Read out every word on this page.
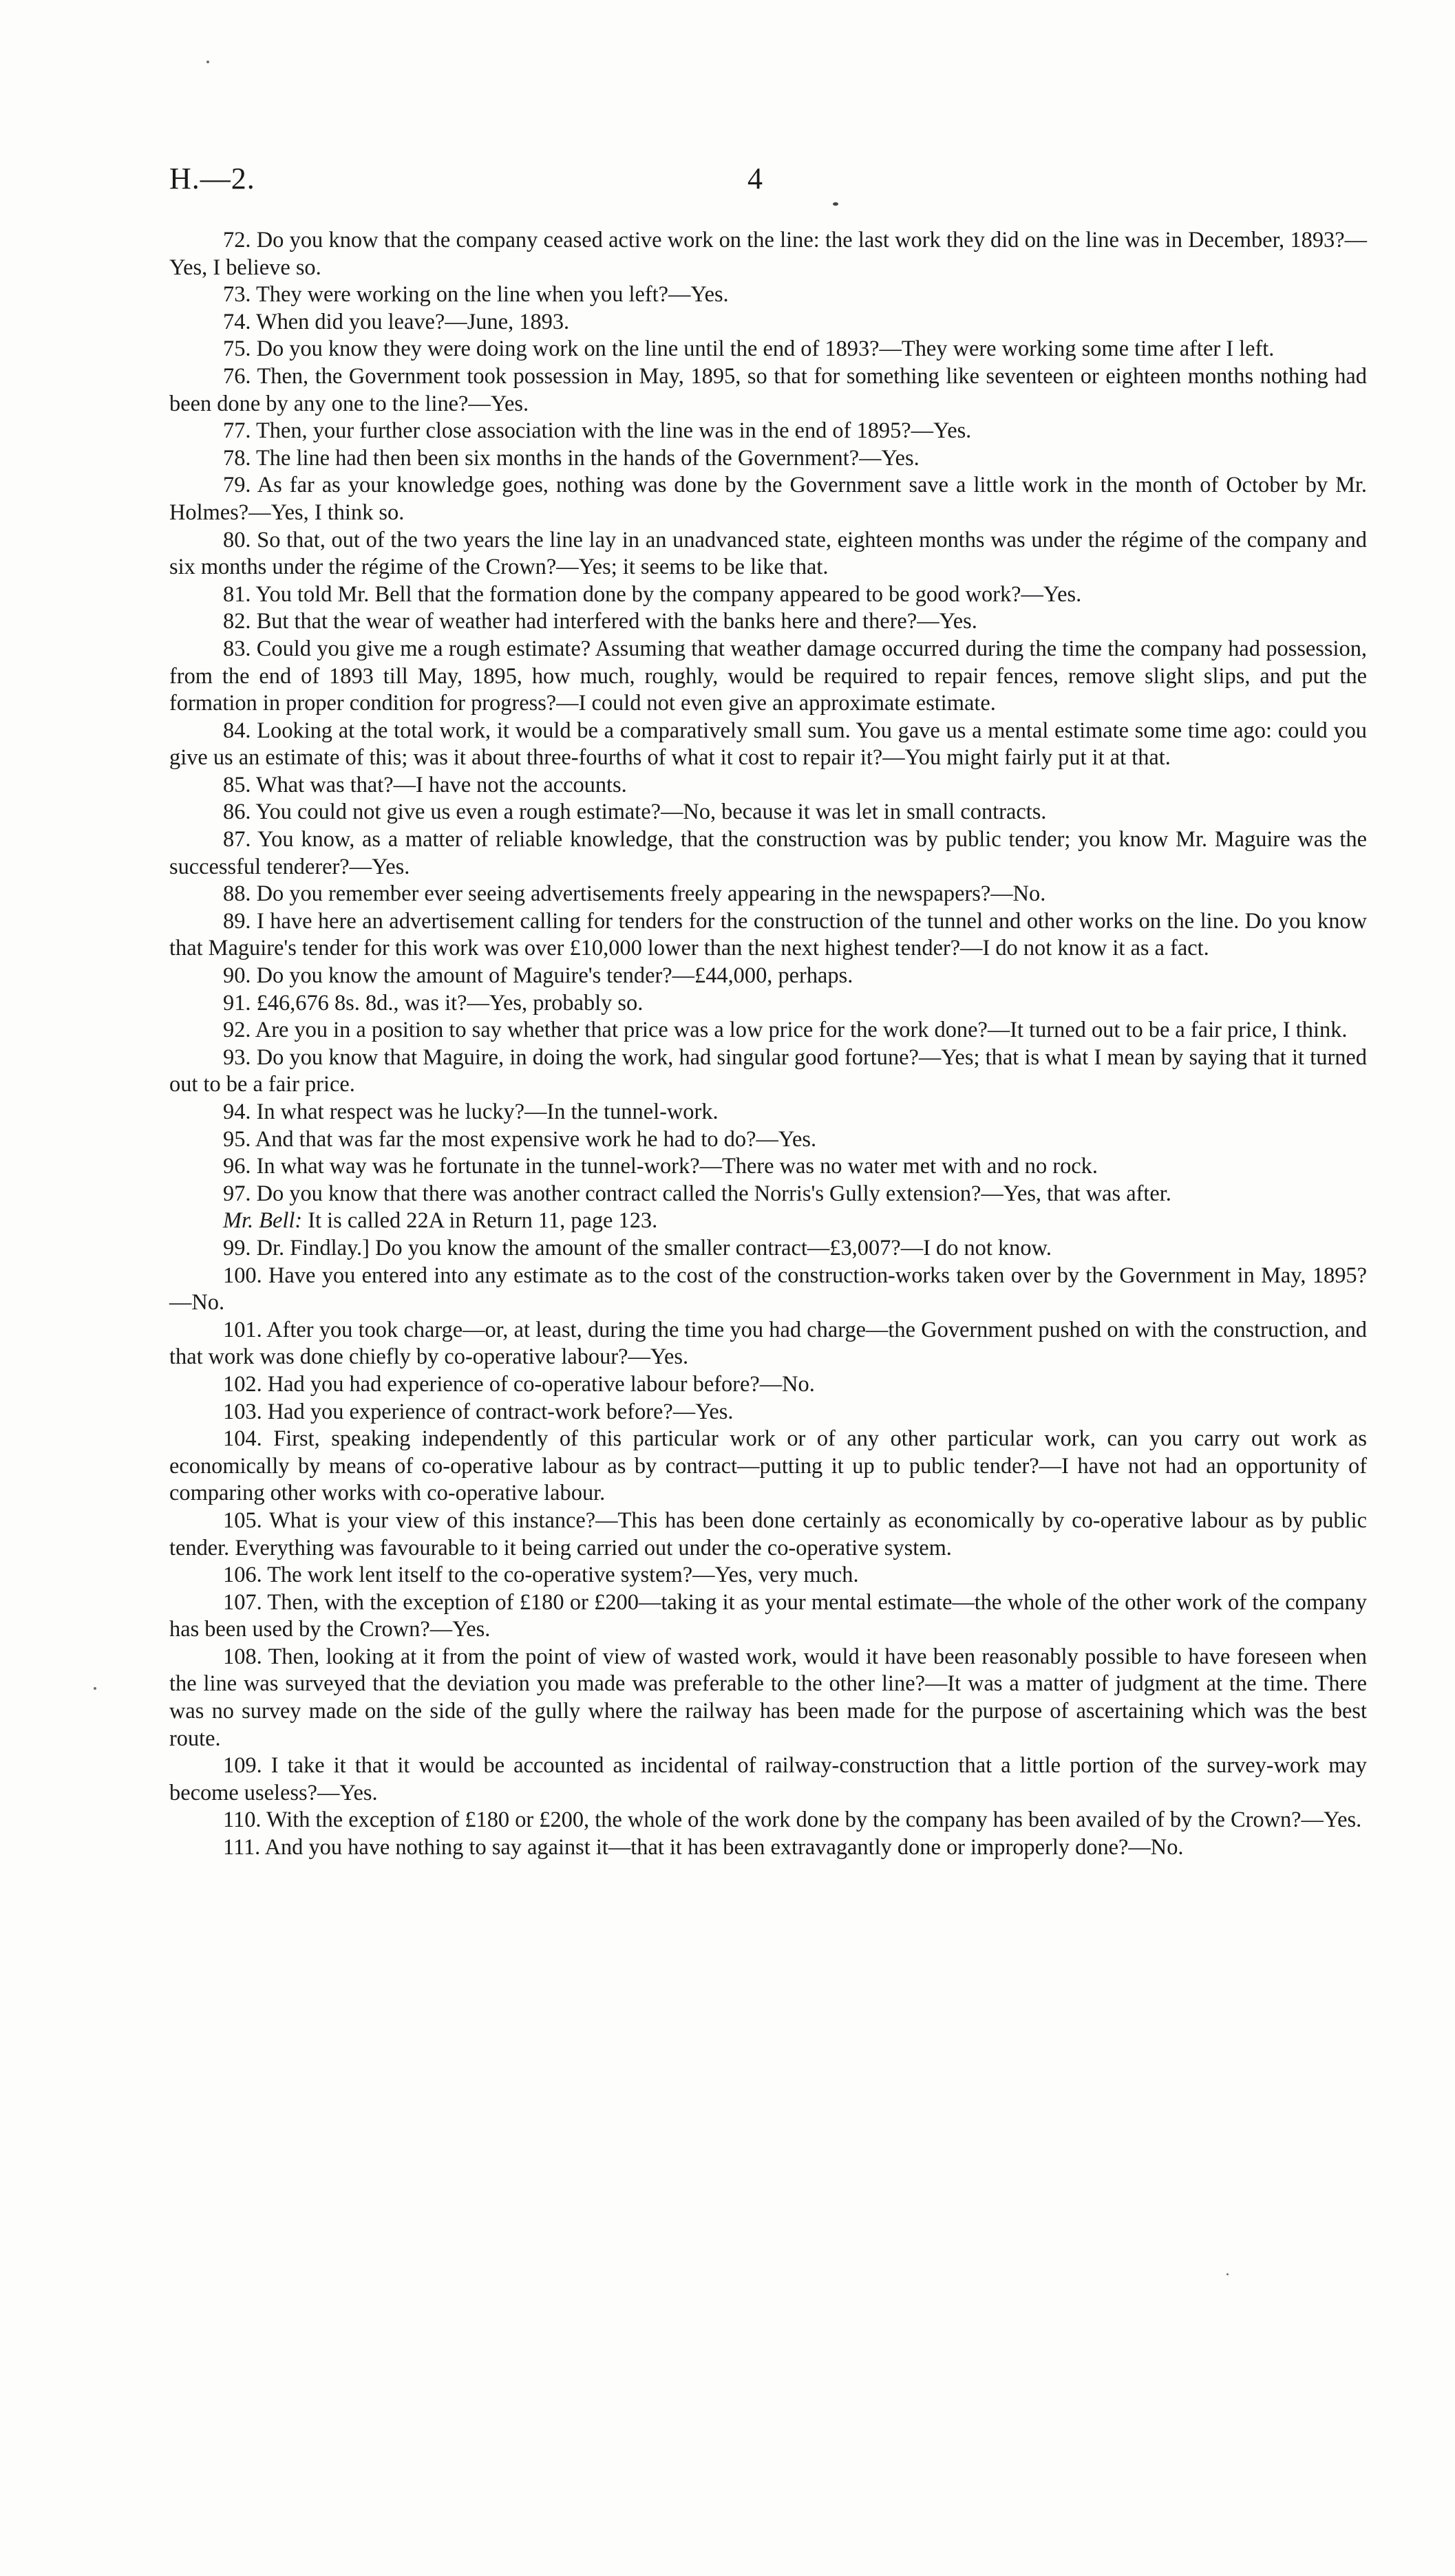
H.—2.	4

72. Do you know that the company ceased active work on the line: the last work they did on the line was in December, 1893?—Yes, I believe so.

73. They were working on the line when you left?—Yes.

74. When did you leave?—June, 1893.

75. Do you know they were doing work on the line until the end of 1893?—They were working some time after I left.

76. Then, the Government took possession in May, 1895, so that for something like seventeen or eighteen months nothing had been done by any one to the line?—Yes.

77. Then, your further close association with the line was in the end of 1895?—Yes.

78. The line had then been six months in the hands of the Government?—Yes.

79. As far as your knowledge goes, nothing was done by the Government save a little work in the month of October by Mr. Holmes?—Yes, I think so.

80. So that, out of the two years the line lay in an unadvanced state, eighteen months was under the régime of the company and six months under the régime of the Crown?—Yes; it seems to be like that.

81. You told Mr. Bell that the formation done by the company appeared to be good work?—Yes.

82. But that the wear of weather had interfered with the banks here and there?—Yes.

83. Could you give me a rough estimate? Assuming that weather damage occurred during the time the company had possession, from the end of 1893 till May, 1895, how much, roughly, would be required to repair fences, remove slight slips, and put the formation in proper condition for progress?—I could not even give an approximate estimate.

84. Looking at the total work, it would be a comparatively small sum. You gave us a mental estimate some time ago: could you give us an estimate of this; was it about three-fourths of what it cost to repair it?—You might fairly put it at that.

85. What was that?—I have not the accounts.

86. You could not give us even a rough estimate?—No, because it was let in small contracts.

87. You know, as a matter of reliable knowledge, that the construction was by public tender; you know Mr. Maguire was the successful tenderer?—Yes.

88. Do you remember ever seeing advertisements freely appearing in the newspapers?—No.

89. I have here an advertisement calling for tenders for the construction of the tunnel and other works on the line. Do you know that Maguire's tender for this work was over £10,000 lower than the next highest tender?—I do not know it as a fact.

90. Do you know the amount of Maguire's tender?—£44,000, perhaps.

91. £46,676 8s. 8d., was it?—Yes, probably so.

92. Are you in a position to say whether that price was a low price for the work done?—It turned out to be a fair price, I think.

93. Do you know that Maguire, in doing the work, had singular good fortune?—Yes; that is what I mean by saying that it turned out to be a fair price.

94. In what respect was he lucky?—In the tunnel-work.

95. And that was far the most expensive work he had to do?—Yes.

96. In what way was he fortunate in the tunnel-work?—There was no water met with and no rock.

97. Do you know that there was another contract called the Norris's Gully extension?—Yes, that was after.

Mr. Bell: It is called 22A in Return 11, page 123.

99. Dr. Findlay.] Do you know the amount of the smaller contract—£3,007?—I do not know.

100. Have you entered into any estimate as to the cost of the construction-works taken over by the Government in May, 1895?—No.

101. After you took charge—or, at least, during the time you had charge—the Government pushed on with the construction, and that work was done chiefly by co-operative labour?—Yes.

102. Had you had experience of co-operative labour before?—No.

103. Had you experience of contract-work before?—Yes.

104. First, speaking independently of this particular work or of any other particular work, can you carry out work as economically by means of co-operative labour as by contract—putting it up to public tender?—I have not had an opportunity of comparing other works with co-operative labour.

105. What is your view of this instance?—This has been done certainly as economically by co-operative labour as by public tender. Everything was favourable to it being carried out under the co-operative system.

106. The work lent itself to the co-operative system?—Yes, very much.

107. Then, with the exception of £180 or £200—taking it as your mental estimate—the whole of the other work of the company has been used by the Crown?—Yes.

108. Then, looking at it from the point of view of wasted work, would it have been reasonably possible to have foreseen when the line was surveyed that the deviation you made was preferable to the other line?—It was a matter of judgment at the time. There was no survey made on the side of the gully where the railway has been made for the purpose of ascertaining which was the best route.

109. I take it that it would be accounted as incidental of railway-construction that a little portion of the survey-work may become useless?—Yes.

110. With the exception of £180 or £200, the whole of the work done by the company has been availed of by the Crown?—Yes.

111. And you have nothing to say against it—that it has been extravagantly done or improperly done?—No.
